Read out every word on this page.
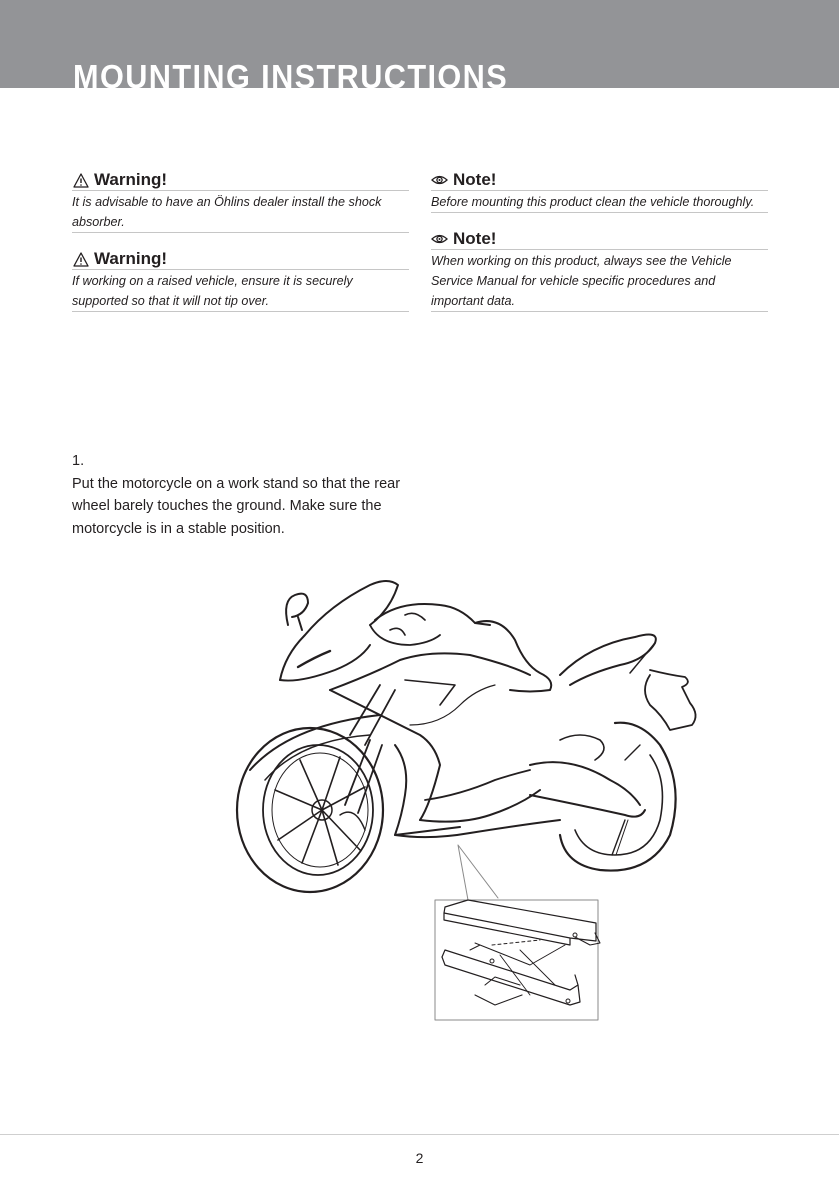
MOUNTING INSTRUCTIONS
Warning!
It is advisable to have an Öhlins dealer install the shock absorber.
Warning!
If working on a raised vehicle, ensure it is securely supported so that it will not tip over.
Note!
Before mounting this product clean the vehicle thoroughly.
Note!
When working on this product, always see the Vehicle Service Manual for vehicle specific procedures and important data.
1.
Put the motorcycle on a work stand so that the rear wheel barely touches the ground. Make sure the motorcycle is in a stable position.
2
